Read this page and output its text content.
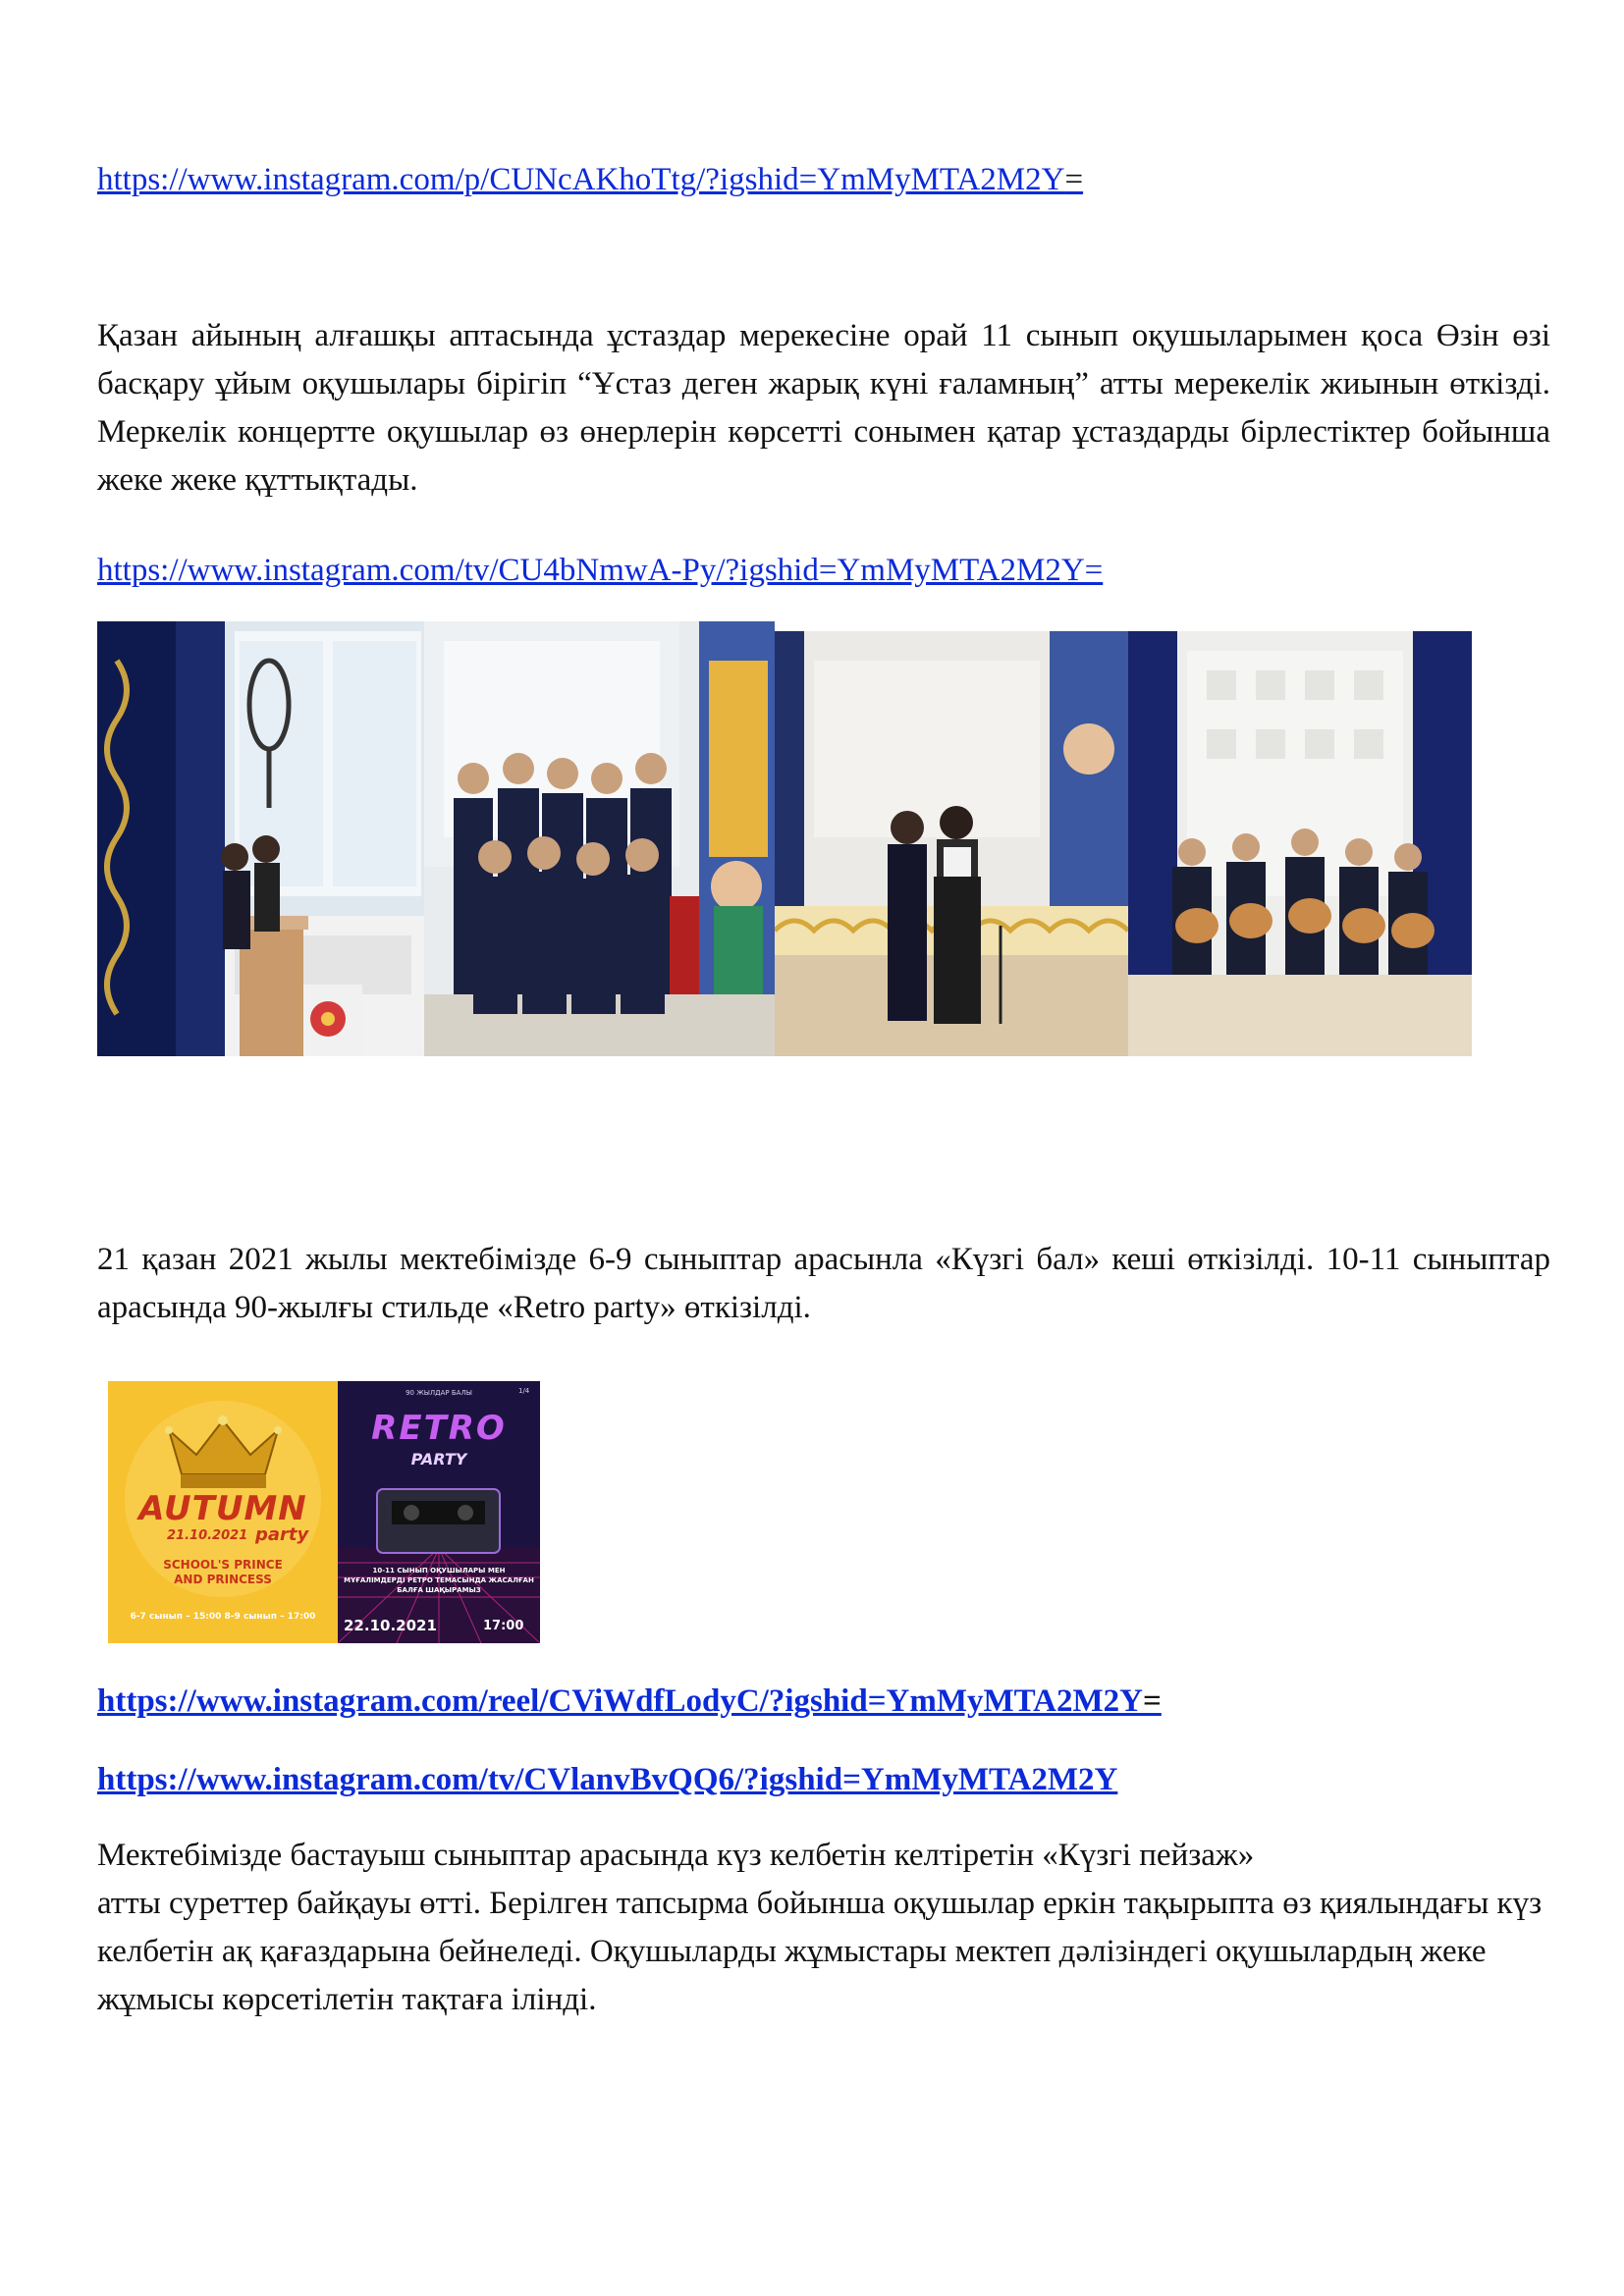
https://www.instagram.com/p/CUNcAKhoTtg/?igshid=YmMyMTA2M2Y=
Қазан айының алғашқы аптасында ұстаздар мерекесіне орай 11 сынып оқушыларымен қоса Өзін өзі басқару ұйым оқушылары бірігіп “Ұстаз деген жарық күні ғаламның” атты мерекелік жиынын өткізді. Меркелік концертте оқушылар өз өнерлерін көрсетті сонымен қатар ұстаздарды бірлестіктер бойынша жеке жеке құттықтады.
https://www.instagram.com/tv/CU4bNmwA-Py/?igshid=YmMyMTA2M2Y=
21 қазан 2021 жылы мектебімізде 6-9 сыныптар арасынла «Күзгі бал» кеші өткізілді. 10-11 сыныптар арасында 90-жылғы стильде «Retro party» өткізілді.
AUTUMN
21.10.2021 party
SCHOOL'S PRINCE AND PRINCESS
6-7 сынып – 15:00 8-9 сынып – 17:00
90 ЖЫЛДАР БАЛЫ	1/4
RETRO
PARTY
10-11 СЫНЫП ОҚУШЫЛАРЫ МЕН МҰҒАЛІМДЕРДІ РЕТРО ТЕМАСЫНДА ЖАСАЛҒАН БАЛҒА ШАҚЫРАМЫЗ
22.10.2021	17:00
https://www.instagram.com/reel/CViWdfLodyC/?igshid=YmMyMTA2M2Y=
https://www.instagram.com/tv/CVlanvBvQQ6/?igshid=YmMyMTA2M2Y
Мектебімізде бастауыш сыныптар арасында күз келбетін келтіретін «Күзгі пейзаж»
атты суреттер байқауы өтті. Берілген тапсырма бойынша оқушылар еркін тақырыпта өз қиялындағы күз келбетін ақ қағаздарына бейнеледі. Оқушыларды жұмыстары мектеп дәлізіндегі оқушылардың жеке жұмысы көрсетілетін тақтаға ілінді.
